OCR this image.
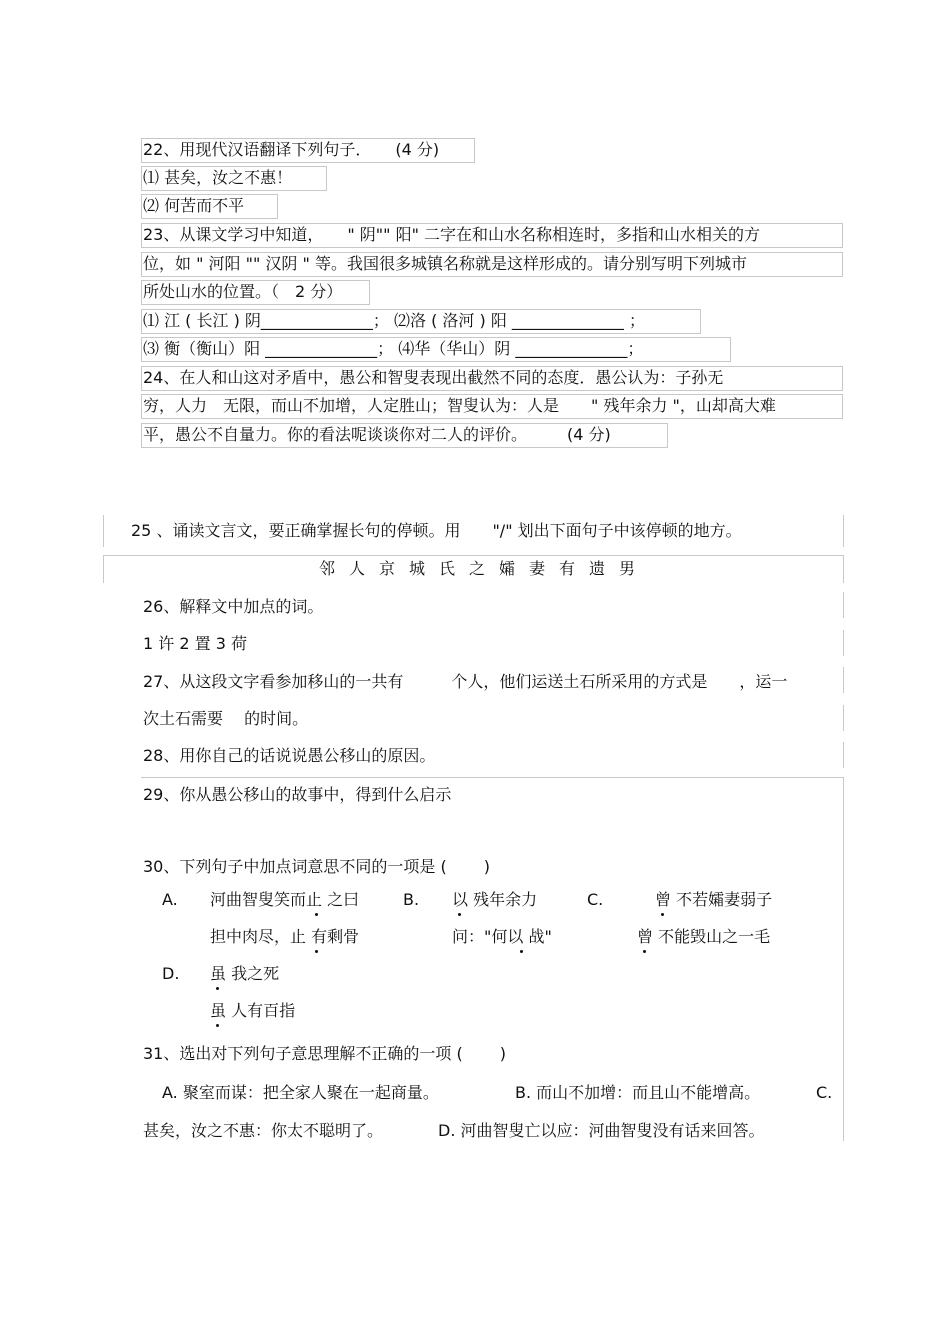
22、用现代汉语翻译下列句子．　　(4 分)
⑴ 甚矣，汝之不惠！
⑵ 何苦而不平
23、从课文学习中知道，　　" 阴"" 阳" 二字在和山水名称相连时，多指和山水相关的方
位，如 " 河阳 "" 汉阴 " 等。我国很多城镇名称就是这样形成的。请分别写明下列城市
所处山水的位置。（　2 分）
⑴ 江 ( 长江 ) 阴______________； ⑵洛 ( 洛河 ) 阳 ______________ ；
⑶ 衡（衡山）阳 ______________； ⑷华（华山）阴 ______________；
24、在人和山这对矛盾中，愚公和智叟表现出截然不同的态度．愚公认为：子孙无
穷，人力　无限，而山不加增，人定胜山；智叟认为：人是　　" 残年余力 "，山却高大难
平，愚公不自量力。你的看法呢谈谈你对二人的评价。　　　(4 分)
25 、诵读文言文，要正确掌握长句的停顿。用　　"/" 划出下面句子中该停顿的地方。
邻人京城氏之孀妻有遗男
26、解释文中加点的词。
1 许 2 置 3 荷
27、从这段文字看参加移山的一共有　　　个人，他们运送土石所采用的方式是　　，运一
次土石需要　 的时间。
28、用你自己的话说说愚公移山的原因。
29、你从愚公移山的故事中，得到什么启示
30、下列句子中加点词意思不同的一项是 (　　 )
A. 河曲智叟笑而止 之曰	B. 以 残年余力	C.	曾 不若孀妻弱子
担中肉尽，止 有剩骨	问："何以 战"	曾 不能毁山之一毛
D. 虽 我之死
虽 人有百指
31、选出对下列句子意思理解不正确的一项 (　　 )
A. 聚室而谋：把全家人聚在一起商量。	B. 而山不加增：而且山不能增高。	C.
甚矣，汝之不惠：你太不聪明了。	D. 河曲智叟亡以应：河曲智叟没有话来回答。
